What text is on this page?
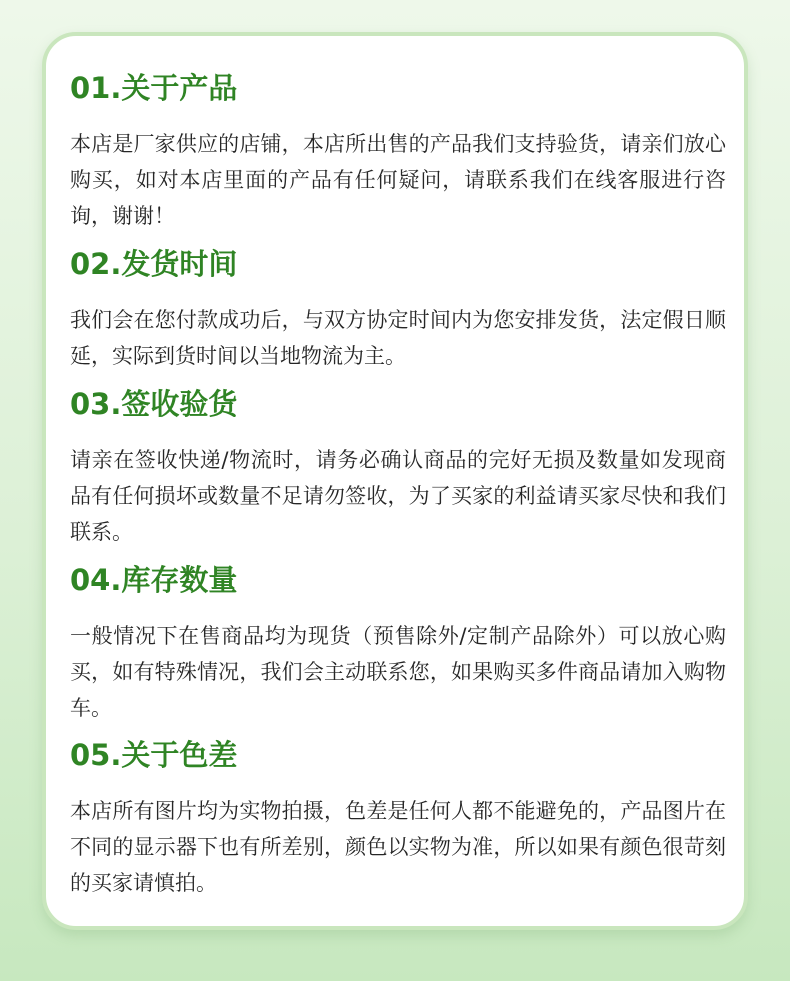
01.关于产品

本店是厂家供应的店铺，本店所出售的产品我们支持验货，请亲们放心购买，如对本店里面的产品有任何疑问，请联系我们在线客服进行咨询，谢谢！

02.发货时间

我们会在您付款成功后，与双方协定时间内为您安排发货，法定假日顺延，实际到货时间以当地物流为主。

03.签收验货

请亲在签收快递/物流时，请务必确认商品的完好无损及数量如发现商品有任何损坏或数量不足请勿签收，为了买家的利益请买家尽快和我们联系。

04.库存数量

一般情况下在售商品均为现货（预售除外/定制产品除外）可以放心购买，如有特殊情况，我们会主动联系您，如果购买多件商品请加入购物车。

05.关于色差

本店所有图片均为实物拍摄，色差是任何人都不能避免的，产品图片在不同的显示器下也有所差别，颜色以实物为准，所以如果有颜色很苛刻的买家请慎拍。
